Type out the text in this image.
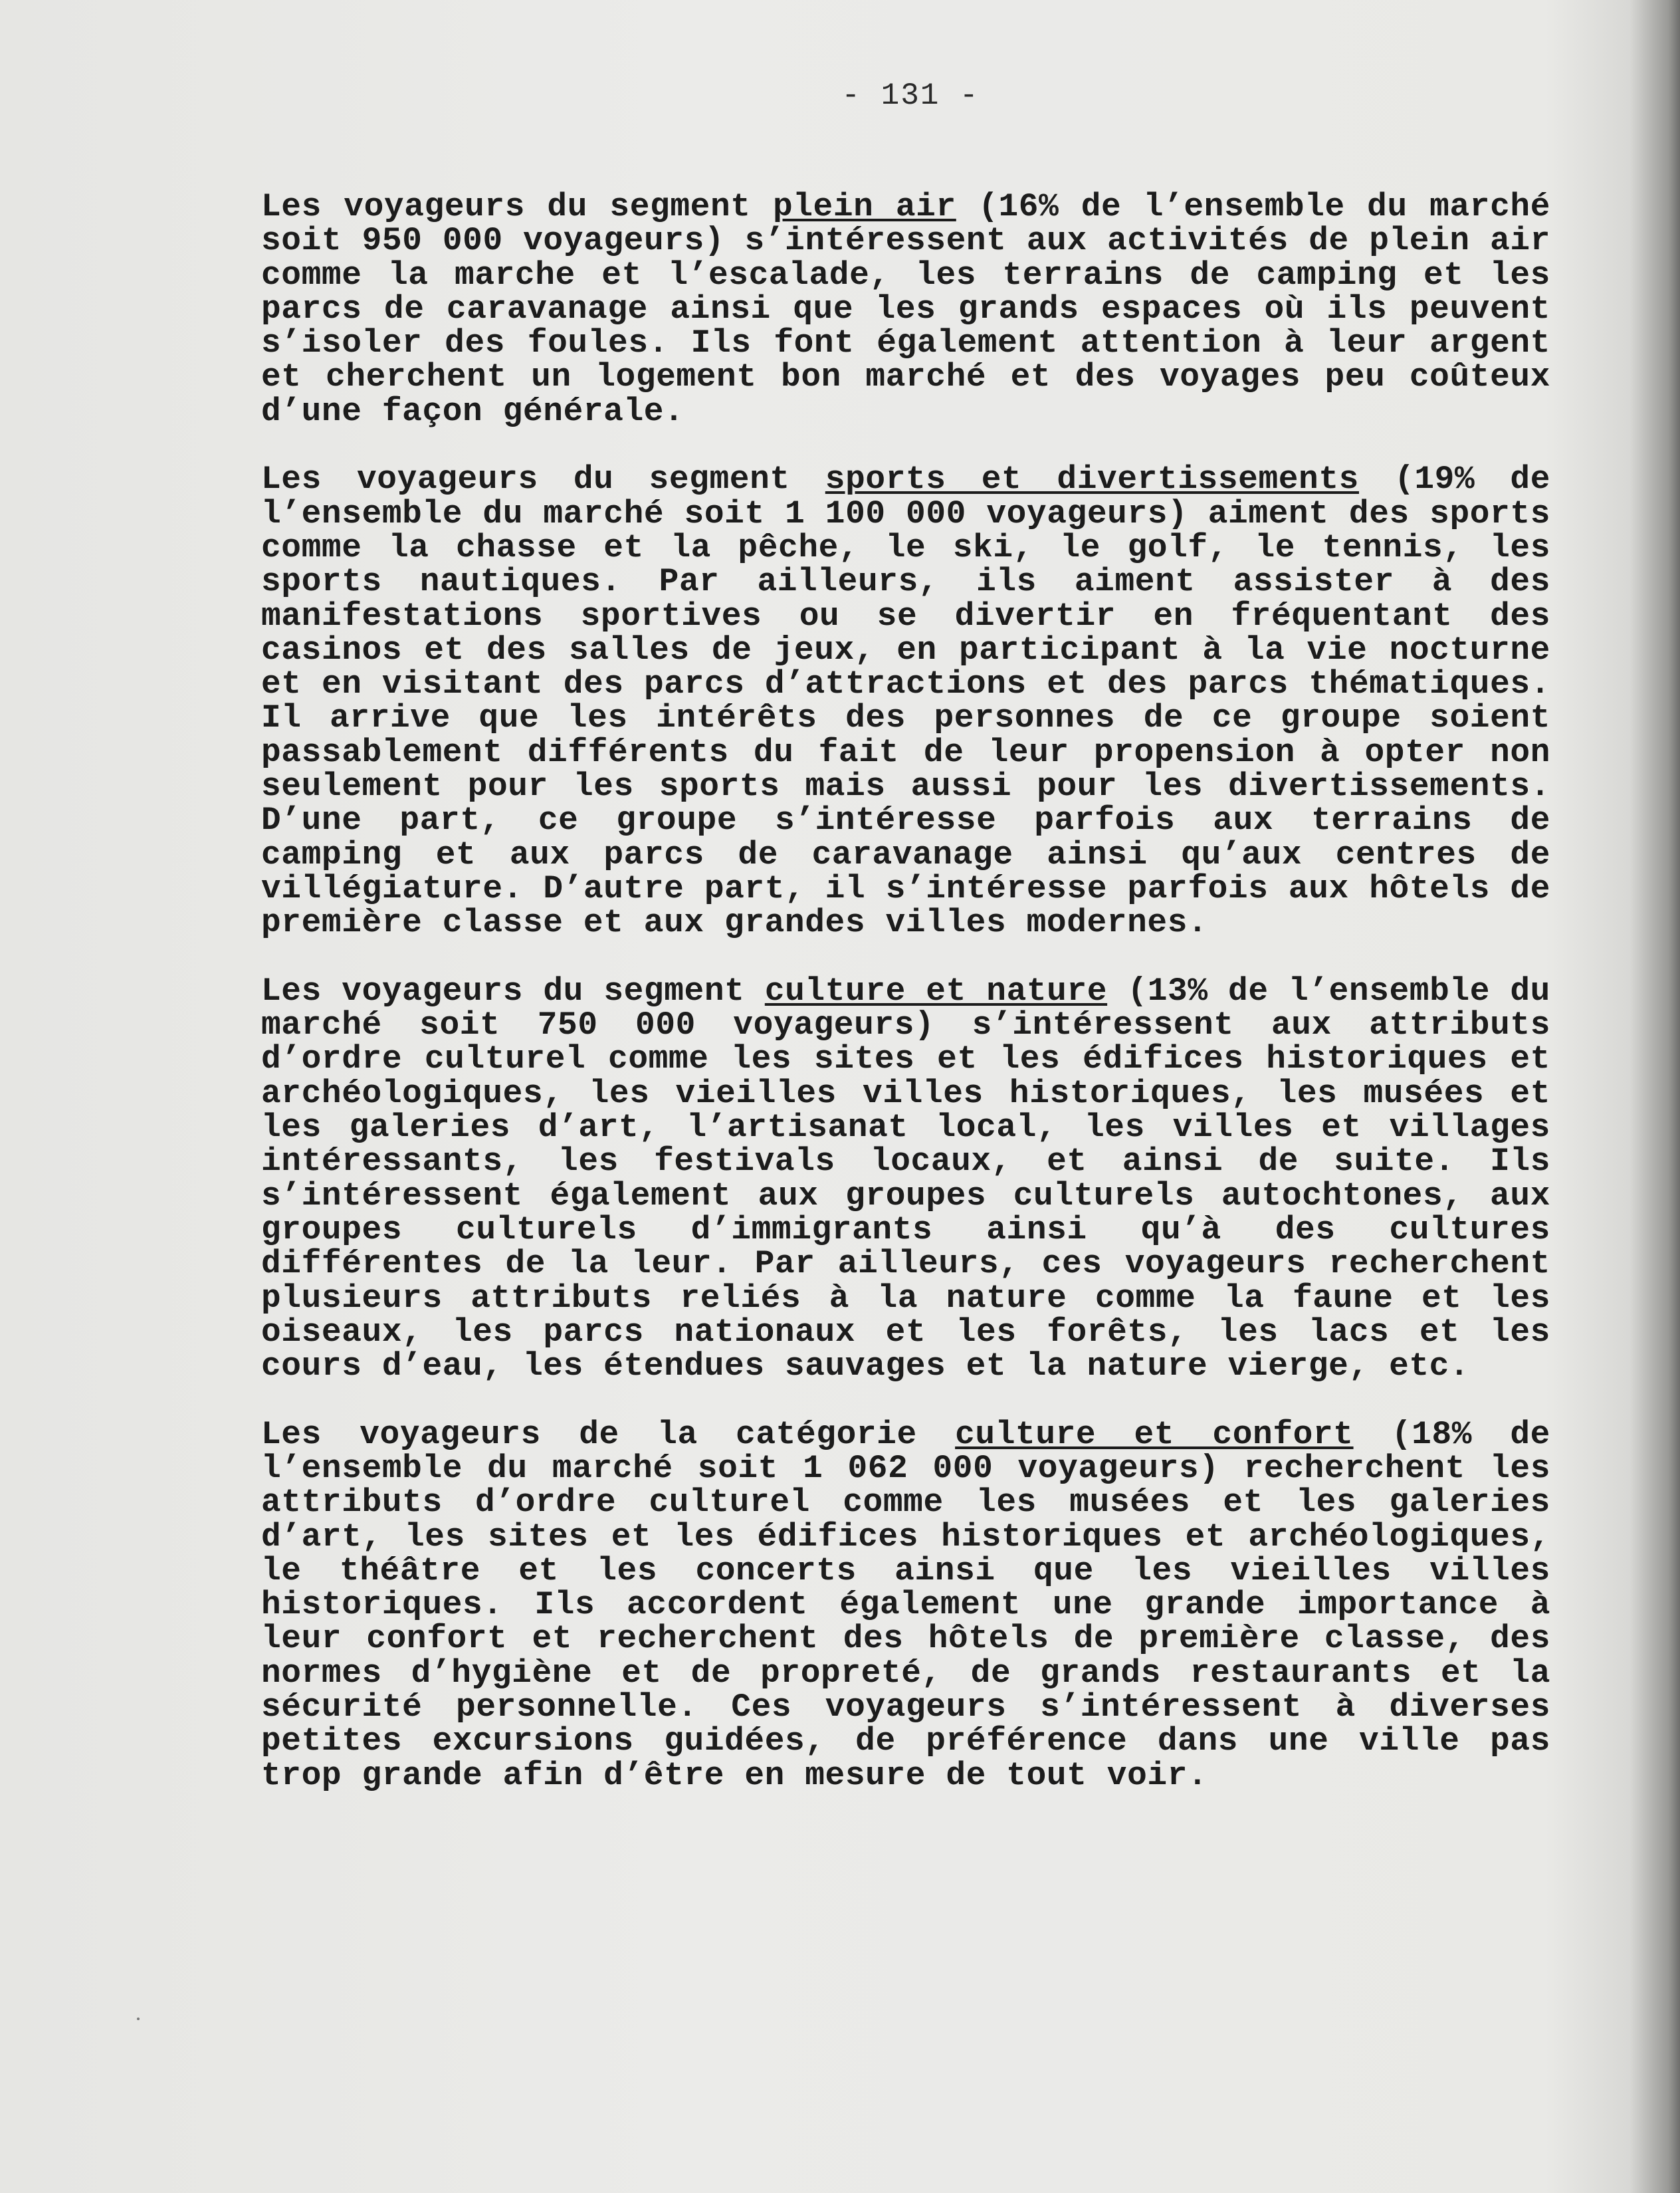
- 131 -

Les voyageurs du segment plein air (16% de l’ensemble du marché soit 950 000 voyageurs) s’intéressent aux activités de plein air comme la marche et l’escalade, les terrains de camping et les parcs de caravanage ainsi que les grands espaces où ils peuvent s’isoler des foules. Ils font également attention à leur argent et cherchent un logement bon marché et des voyages peu coûteux d’une façon générale.

Les voyageurs du segment sports et divertissements (19% de l’ensemble du marché soit 1 100 000 voyageurs) aiment des sports comme la chasse et la pêche, le ski, le golf, le tennis, les sports nautiques. Par ailleurs, ils aiment assister à des manifestations sportives ou se divertir en fréquentant des casinos et des salles de jeux, en participant à la vie nocturne et en visitant des parcs d’attractions et des parcs thématiques. Il arrive que les intérêts des personnes de ce groupe soient passablement différents du fait de leur propension à opter non seulement pour les sports mais aussi pour les divertissements. D’une part, ce groupe s’intéresse parfois aux terrains de camping et aux parcs de caravanage ainsi qu’aux centres de villégiature. D’autre part, il s’intéresse parfois aux hôtels de première classe et aux grandes villes modernes.

Les voyageurs du segment culture et nature (13% de l’ensemble du marché soit 750 000 voyageurs) s’intéressent aux attributs d’ordre culturel comme les sites et les édifices historiques et archéologiques, les vieilles villes historiques, les musées et les galeries d’art, l’artisanat local, les villes et villages intéressants, les festivals locaux, et ainsi de suite. Ils s’intéressent également aux groupes culturels autochtones, aux groupes culturels d’immigrants ainsi qu’à des cultures différentes de la leur. Par ailleurs, ces voyageurs recherchent plusieurs attributs reliés à la nature comme la faune et les oiseaux, les parcs nationaux et les forêts, les lacs et les cours d’eau, les étendues sauvages et la nature vierge, etc.

Les voyageurs de la catégorie culture et confort (18% de l’ensemble du marché soit 1 062 000 voyageurs) recherchent les attributs d’ordre culturel comme les musées et les galeries d’art, les sites et les édifices historiques et archéologiques, le théâtre et les concerts ainsi que les vieilles villes historiques. Ils accordent également une grande importance à leur confort et recherchent des hôtels de première classe, des normes d’hygiène et de propreté, de grands restaurants et la sécurité personnelle. Ces voyageurs s’intéressent à diverses petites excursions guidées, de préférence dans une ville pas trop grande afin d’être en mesure de tout voir.
